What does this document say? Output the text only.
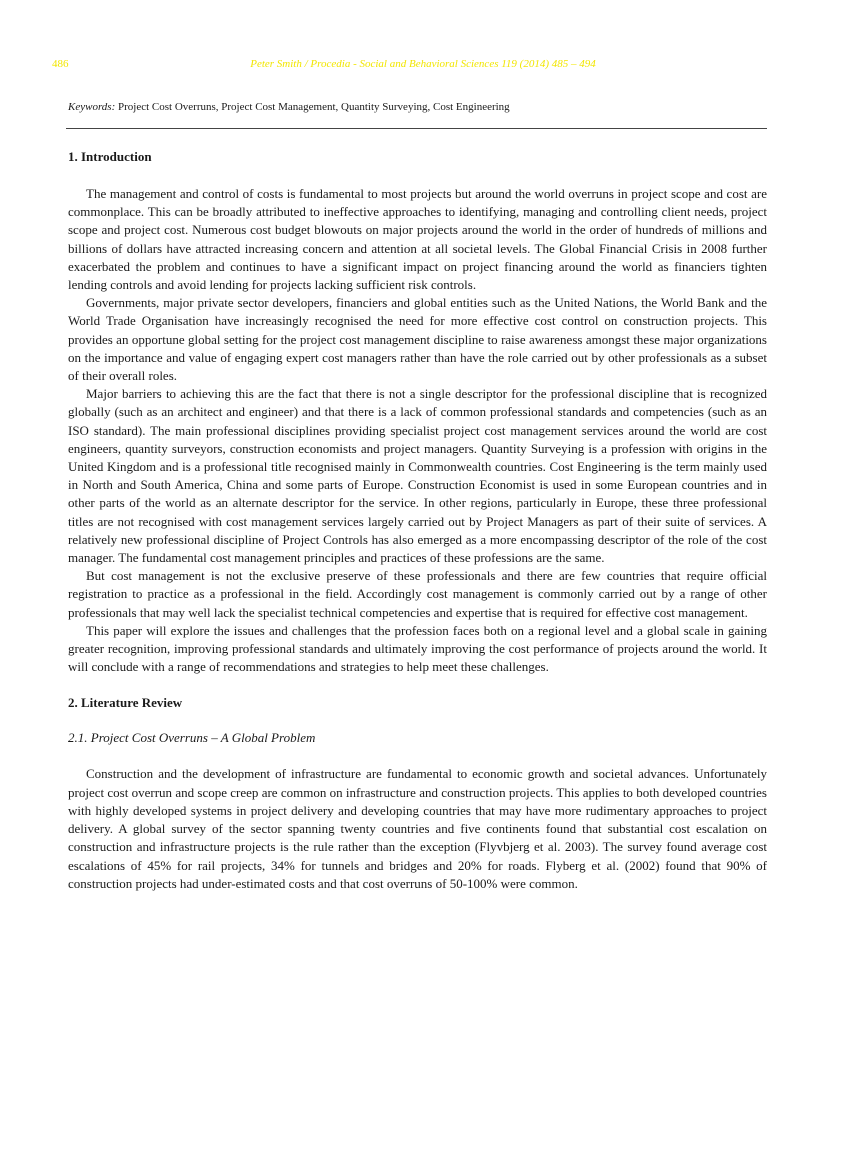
486	Peter Smith / Procedia - Social and Behavioral Sciences 119 (2014) 485 – 494
Keywords: Project Cost Overruns, Project Cost Management, Quantity Surveying, Cost Engineering
1. Introduction

The management and control of costs is fundamental to most projects but around the world overruns in project scope and cost are commonplace. This can be broadly attributed to ineffective approaches to identifying, managing and controlling client needs, project scope and project cost. Numerous cost budget blowouts on major projects around the world in the order of hundreds of millions and billions of dollars have attracted increasing concern and attention at all societal levels. The Global Financial Crisis in 2008 further exacerbated the problem and continues to have a significant impact on project financing around the world as financiers tighten lending controls and avoid lending for projects lacking sufficient risk controls.

Governments, major private sector developers, financiers and global entities such as the United Nations, the World Bank and the World Trade Organisation have increasingly recognised the need for more effective cost control on construction projects. This provides an opportune global setting for the project cost management discipline to raise awareness amongst these major organizations on the importance and value of engaging expert cost managers rather than have the role carried out by other professionals as a subset of their overall roles.

Major barriers to achieving this are the fact that there is not a single descriptor for the professional discipline that is recognized globally (such as an architect and engineer) and that there is a lack of common professional standards and competencies (such as an ISO standard). The main professional disciplines providing specialist project cost management services around the world are cost engineers, quantity surveyors, construction economists and project managers. Quantity Surveying is a profession with origins in the United Kingdom and is a professional title recognised mainly in Commonwealth countries. Cost Engineering is the term mainly used in North and South America, China and some parts of Europe. Construction Economist is used in some European countries and in other parts of the world as an alternate descriptor for the service. In other regions, particularly in Europe, these three professional titles are not recognised with cost management services largely carried out by Project Managers as part of their suite of services. A relatively new professional discipline of Project Controls has also emerged as a more encompassing descriptor of the role of the cost manager. The fundamental cost management principles and practices of these professions are the same.

But cost management is not the exclusive preserve of these professionals and there are few countries that require official registration to practice as a professional in the field. Accordingly cost management is commonly carried out by a range of other professionals that may well lack the specialist technical competencies and expertise that is required for effective cost management.

This paper will explore the issues and challenges that the profession faces both on a regional level and a global scale in gaining greater recognition, improving professional standards and ultimately improving the cost performance of projects around the world. It will conclude with a range of recommendations and strategies to help meet these challenges.

2. Literature Review
2.1. Project Cost Overruns – A Global Problem

Construction and the development of infrastructure are fundamental to economic growth and societal advances. Unfortunately project cost overrun and scope creep are common on infrastructure and construction projects. This applies to both developed countries with highly developed systems in project delivery and developing countries that may have more rudimentary approaches to project delivery. A global survey of the sector spanning twenty countries and five continents found that substantial cost escalation on construction and infrastructure projects is the rule rather than the exception (Flyvbjerg et al. 2003). The survey found average cost escalations of 45% for rail projects, 34% for tunnels and bridges and 20% for roads. Flyberg et al. (2002) found that 90% of construction projects had under-estimated costs and that cost overruns of 50-100% were common.
